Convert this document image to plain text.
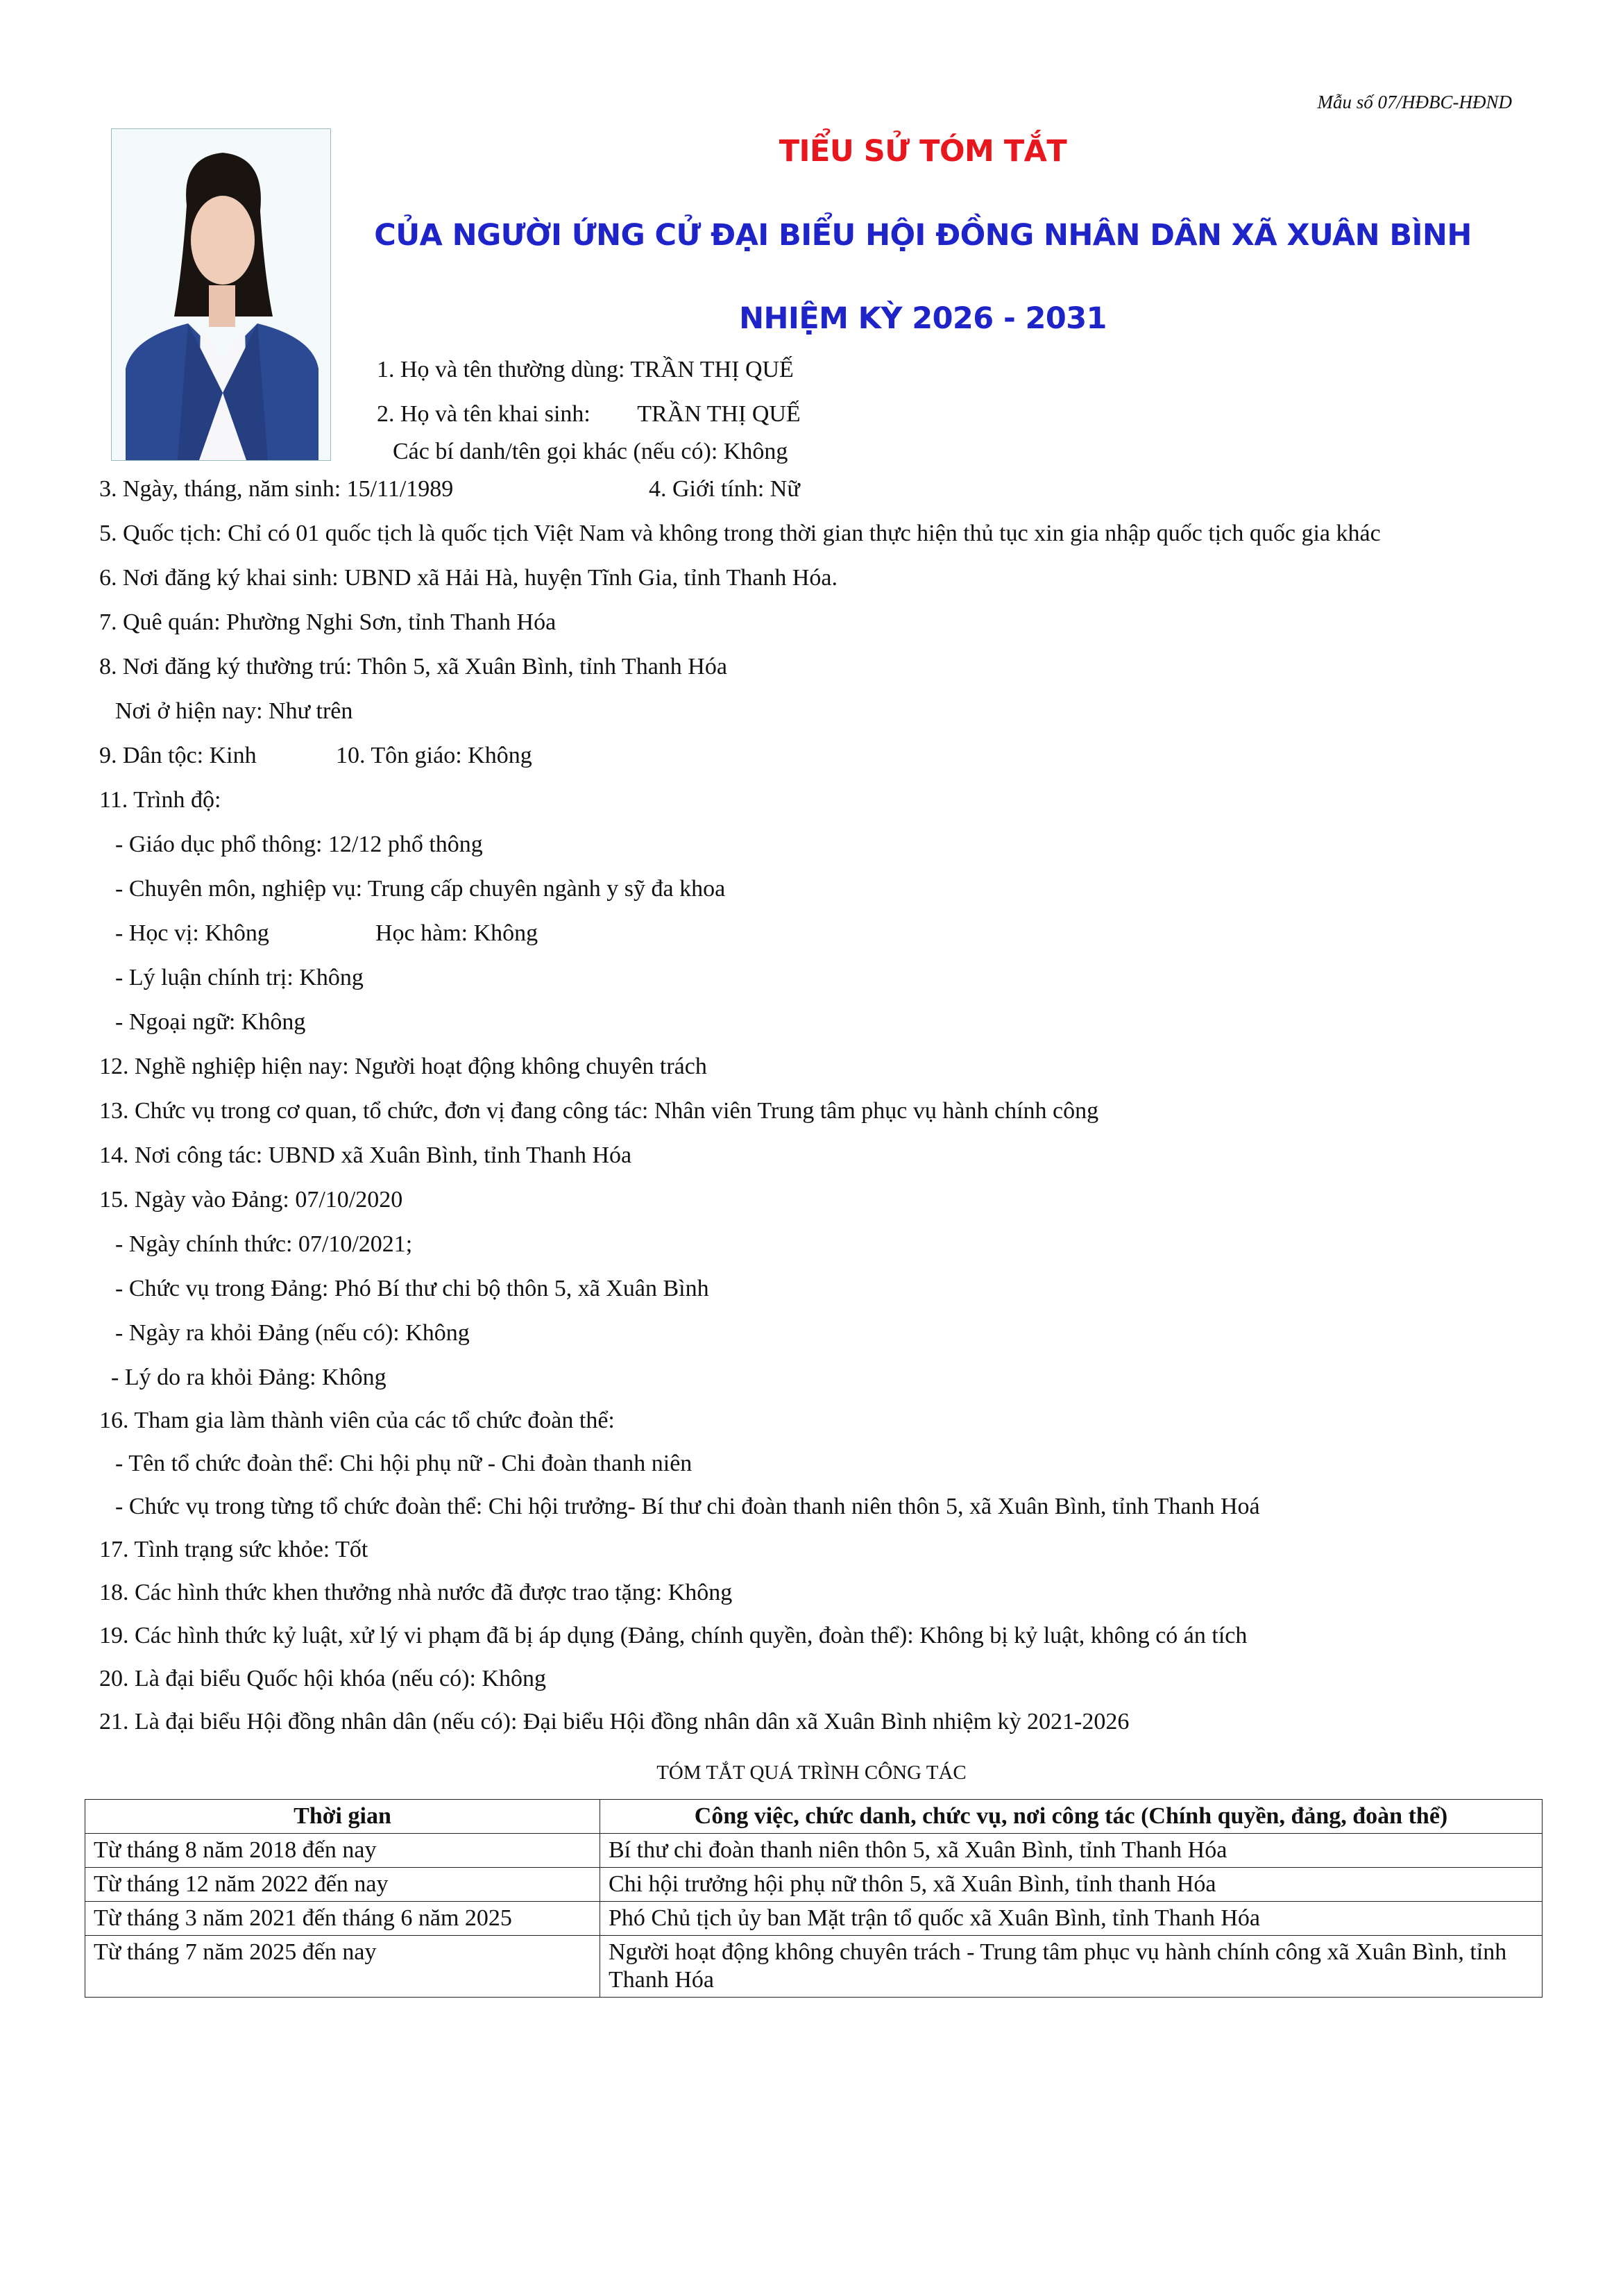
Mẫu số 07/HĐBC-HĐND
TIỂU SỬ TÓM TẮT
CỦA NGƯỜI ỨNG CỬ ĐẠI BIỂU HỘI ĐỒNG NHÂN DÂN XÃ XUÂN BÌNH
NHIỆM KỲ 2026 - 2031
1. Họ và tên thường dùng: TRẦN THỊ QUẾ
2. Họ và tên khai sinh:        TRẦN THỊ QUẾ
Các bí danh/tên gọi khác (nếu có): Không
3. Ngày, tháng, năm sinh: 15/11/1989	4. Giới tính: Nữ
5. Quốc tịch: Chỉ có 01 quốc tịch là quốc tịch Việt Nam và không trong thời gian thực hiện thủ tục xin gia nhập quốc tịch quốc gia khác
6. Nơi đăng ký khai sinh: UBND xã Hải Hà, huyện Tĩnh Gia, tỉnh Thanh Hóa.
7. Quê quán: Phường Nghi Sơn, tỉnh Thanh Hóa
8. Nơi đăng ký thường trú: Thôn 5, xã Xuân Bình, tỉnh Thanh Hóa
Nơi ở hiện nay: Như trên
9. Dân tộc: Kinh	10. Tôn giáo: Không
11. Trình độ:
- Giáo dục phổ thông: 12/12 phổ thông
- Chuyên môn, nghiệp vụ: Trung cấp chuyên ngành y sỹ đa khoa
- Học vị: Không	Học hàm: Không
- Lý luận chính trị: Không
- Ngoại ngữ: Không
12. Nghề nghiệp hiện nay: Người hoạt động không chuyên trách
13. Chức vụ trong cơ quan, tổ chức, đơn vị đang công tác: Nhân viên Trung tâm phục vụ hành chính công
14. Nơi công tác: UBND xã Xuân Bình, tỉnh Thanh Hóa
15. Ngày vào Đảng: 07/10/2020
- Ngày chính thức: 07/10/2021;
- Chức vụ trong Đảng: Phó Bí thư chi bộ thôn 5, xã Xuân Bình
- Ngày ra khỏi Đảng (nếu có): Không
- Lý do ra khỏi Đảng: Không
16. Tham gia làm thành viên của các tổ chức đoàn thể:
- Tên tổ chức đoàn thể: Chi hội phụ nữ - Chi đoàn thanh niên
- Chức vụ trong từng tổ chức đoàn thể: Chi hội trưởng- Bí thư chi đoàn thanh niên thôn 5, xã Xuân Bình, tỉnh Thanh Hoá
17. Tình trạng sức khỏe: Tốt
18. Các hình thức khen thưởng nhà nước đã được trao tặng: Không
19. Các hình thức kỷ luật, xử lý vi phạm đã bị áp dụng (Đảng, chính quyền, đoàn thể): Không bị kỷ luật, không có án tích
20. Là đại biểu Quốc hội khóa (nếu có): Không
21. Là đại biểu Hội đồng nhân dân (nếu có): Đại biểu Hội đồng nhân dân xã Xuân Bình nhiệm kỳ 2021-2026
TÓM TẮT QUÁ TRÌNH CÔNG TÁC
Thời gian	Công việc, chức danh, chức vụ, nơi công tác (Chính quyền, đảng, đoàn thể)
Từ tháng 8 năm 2018 đến nay	Bí thư chi đoàn thanh niên thôn 5, xã Xuân Bình, tỉnh Thanh Hóa
Từ tháng 12 năm 2022 đến nay	Chi hội trưởng hội phụ nữ thôn 5, xã Xuân Bình, tỉnh thanh Hóa
Từ tháng 3 năm 2021 đến tháng 6 năm 2025	Phó Chủ tịch ủy ban Mặt trận tổ quốc xã Xuân Bình, tỉnh Thanh Hóa
Từ tháng 7 năm 2025 đến nay	Người hoạt động không chuyên trách - Trung tâm phục vụ hành chính công xã Xuân Bình, tỉnh Thanh Hóa
